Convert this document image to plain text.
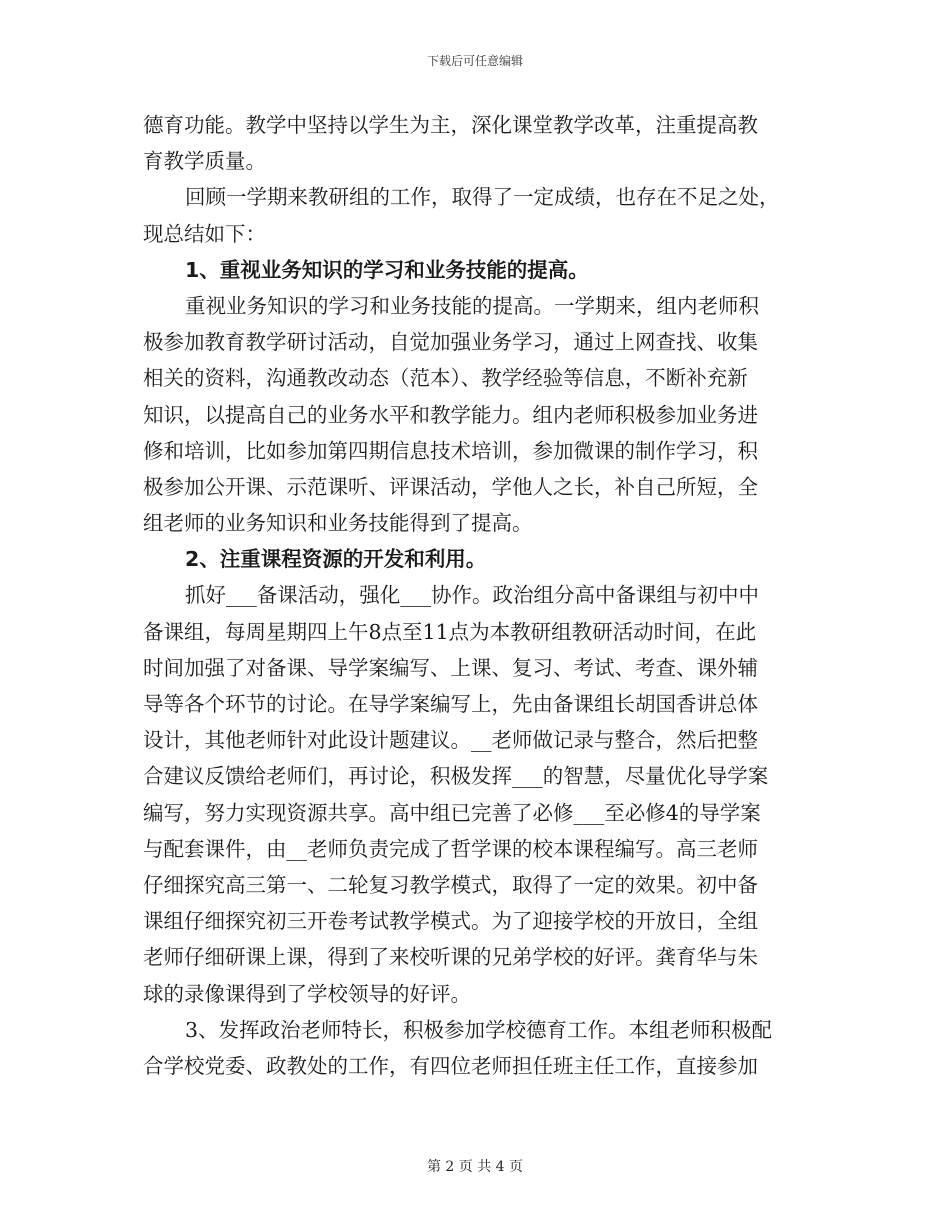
下载后可任意编辑
德育功能。教学中坚持以学生为主，深化课堂教学改革，注重提高教
育教学质量。
回顾一学期来教研组的工作，取得了一定成绩，也存在不足之处，
现总结如下：
1、重视业务知识的学习和业务技能的提高。
重视业务知识的学习和业务技能的提高。一学期来，组内老师积
极参加教育教学研讨活动，自觉加强业务学习，通过上网查找、收集
相关的资料，沟通教改动态（范本）、教学经验等信息，不断补充新
知识，以提高自己的业务水平和教学能力。组内老师积极参加业务进
修和培训，比如参加第四期信息技术培训，参加微课的制作学习，积
极参加公开课、示范课听、评课活动，学他人之长，补自己所短，全
组老师的业务知识和业务技能得到了提高。
2、注重课程资源的开发和利用。
抓好___备课活动，强化___协作。政治组分高中备课组与初中中
备课组，每周星期四上午8点至11点为本教研组教研活动时间，在此
时间加强了对备课、导学案编写、上课、复习、考试、考查、课外辅
导等各个环节的讨论。在导学案编写上，先由备课组长胡国香讲总体
设计，其他老师针对此设计题建议。__老师做记录与整合，然后把整
合建议反馈给老师们，再讨论，积极发挥___的智慧，尽量优化导学案
编写，努力实现资源共享。高中组已完善了必修___至必修4的导学案
与配套课件，由__老师负责完成了哲学课的校本课程编写。高三老师
仔细探究高三第一、二轮复习教学模式，取得了一定的效果。初中备
课组仔细探究初三开卷考试教学模式。为了迎接学校的开放日，全组
老师仔细研课上课，得到了来校听课的兄弟学校的好评。龚育华与朱
球的录像课得到了学校领导的好评。
3、发挥政治老师特长，积极参加学校德育工作。本组老师积极配
合学校党委、政教处的工作，有四位老师担任班主任工作，直接参加
第 2 页 共 4 页
